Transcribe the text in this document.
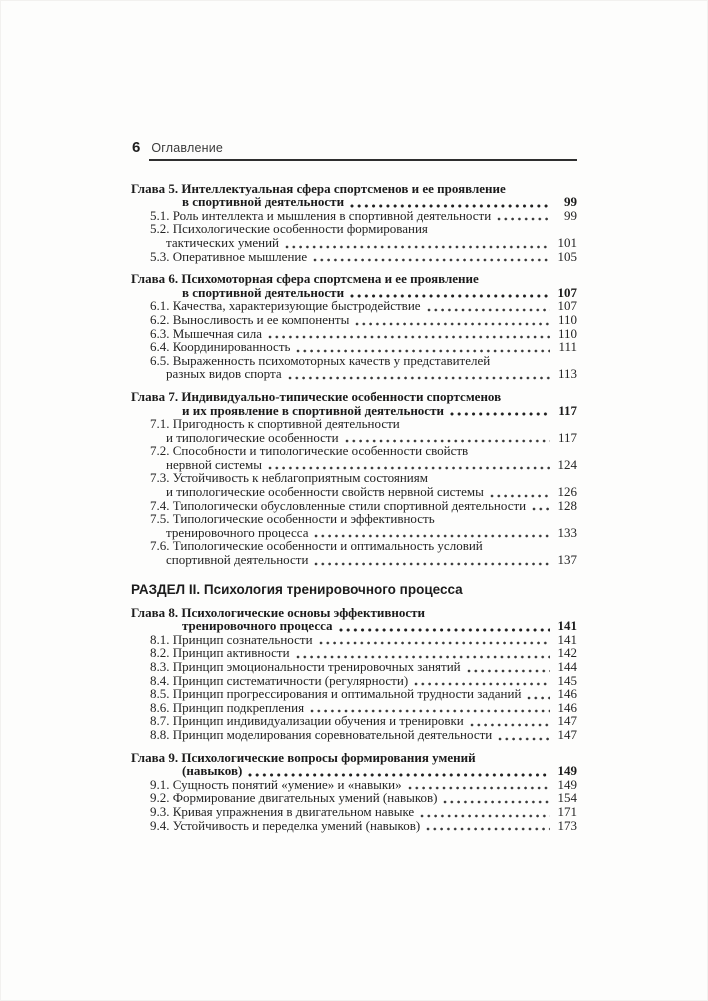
6 Оглавление
Глава 5. Интеллектуальная сфера спортсменов и ее проявление
в спортивной деятельности	99
5.1. Роль интеллекта и мышления в спортивной деятельности	99
5.2. Психологические особенности формирования
тактических умений	101
5.3. Оперативное мышление	105
Глава 6. Психомоторная сфера спортсмена и ее проявление
в спортивной деятельности	107
6.1. Качества, характеризующие быстродействие	107
6.2. Выносливость и ее компоненты	110
6.3. Мышечная сила	110
6.4. Координированность	111
6.5. Выраженность психомоторных качеств у представителей
разных видов спорта	113
Глава 7. Индивидуально-типические особенности спортсменов
и их проявление в спортивной деятельности	117
7.1. Пригодность к спортивной деятельности
и типологические особенности	117
7.2. Способности и типологические особенности свойств
нервной системы	124
7.3. Устойчивость к неблагоприятным состояниям
и типологические особенности свойств нервной системы	126
7.4. Типологически обусловленные стили спортивной деятельности	128
7.5. Типологические особенности и эффективность
тренировочного процесса	133
7.6. Типологические особенности и оптимальность условий
спортивной деятельности	137
РАЗДЕЛ II. Психология тренировочного процесса
Глава 8. Психологические основы эффективности
тренировочного процесса	141
8.1. Принцип сознательности	141
8.2. Принцип активности	142
8.3. Принцип эмоциональности тренировочных занятий	144
8.4. Принцип систематичности (регулярности)	145
8.5. Принцип прогрессирования и оптимальной трудности заданий	146
8.6. Принцип подкрепления	146
8.7. Принцип индивидуализации обучения и тренировки	147
8.8. Принцип моделирования соревновательной деятельности	147
Глава 9. Психологические вопросы формирования умений
(навыков)	149
9.1. Сущность понятий «умение» и «навыки»	149
9.2. Формирование двигательных умений (навыков)	154
9.3. Кривая упражнения в двигательном навыке	171
9.4. Устойчивость и переделка умений (навыков)	173
